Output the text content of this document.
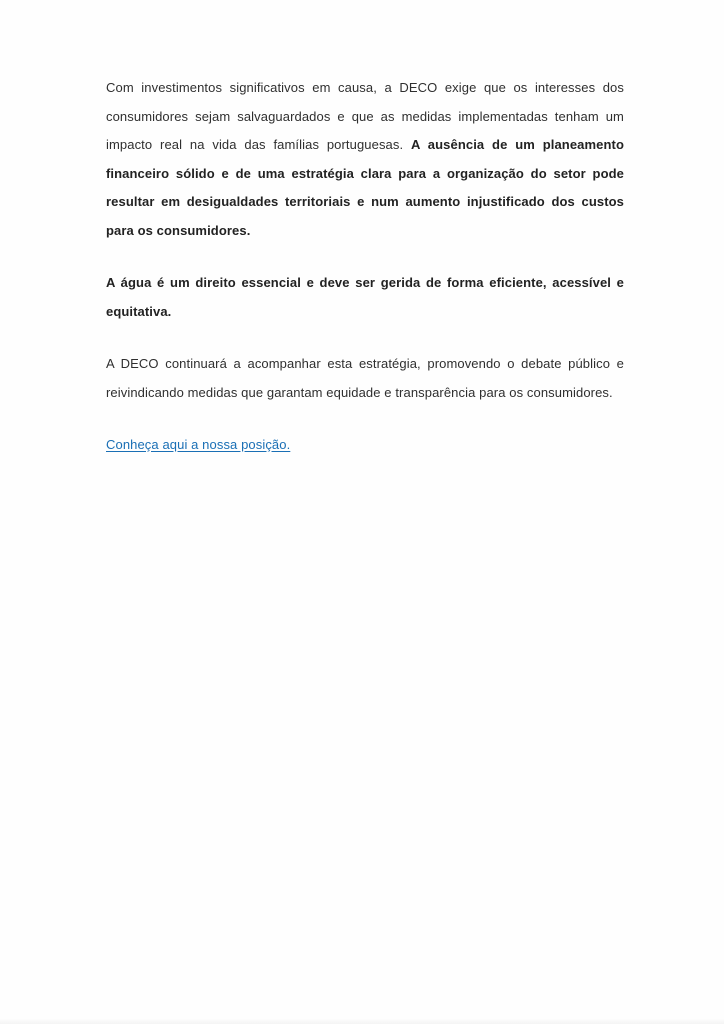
Com investimentos significativos em causa, a DECO exige que os interesses dos consumidores sejam salvaguardados e que as medidas implementadas tenham um impacto real na vida das famílias portuguesas. A ausência de um planeamento financeiro sólido e de uma estratégia clara para a organização do setor pode resultar em desigualdades territoriais e num aumento injustificado dos custos para os consumidores.

A água é um direito essencial e deve ser gerida de forma eficiente, acessível e equitativa.

A DECO continuará a acompanhar esta estratégia, promovendo o debate público e reivindicando medidas que garantam equidade e transparência para os consumidores.

Conheça aqui a nossa posição.
